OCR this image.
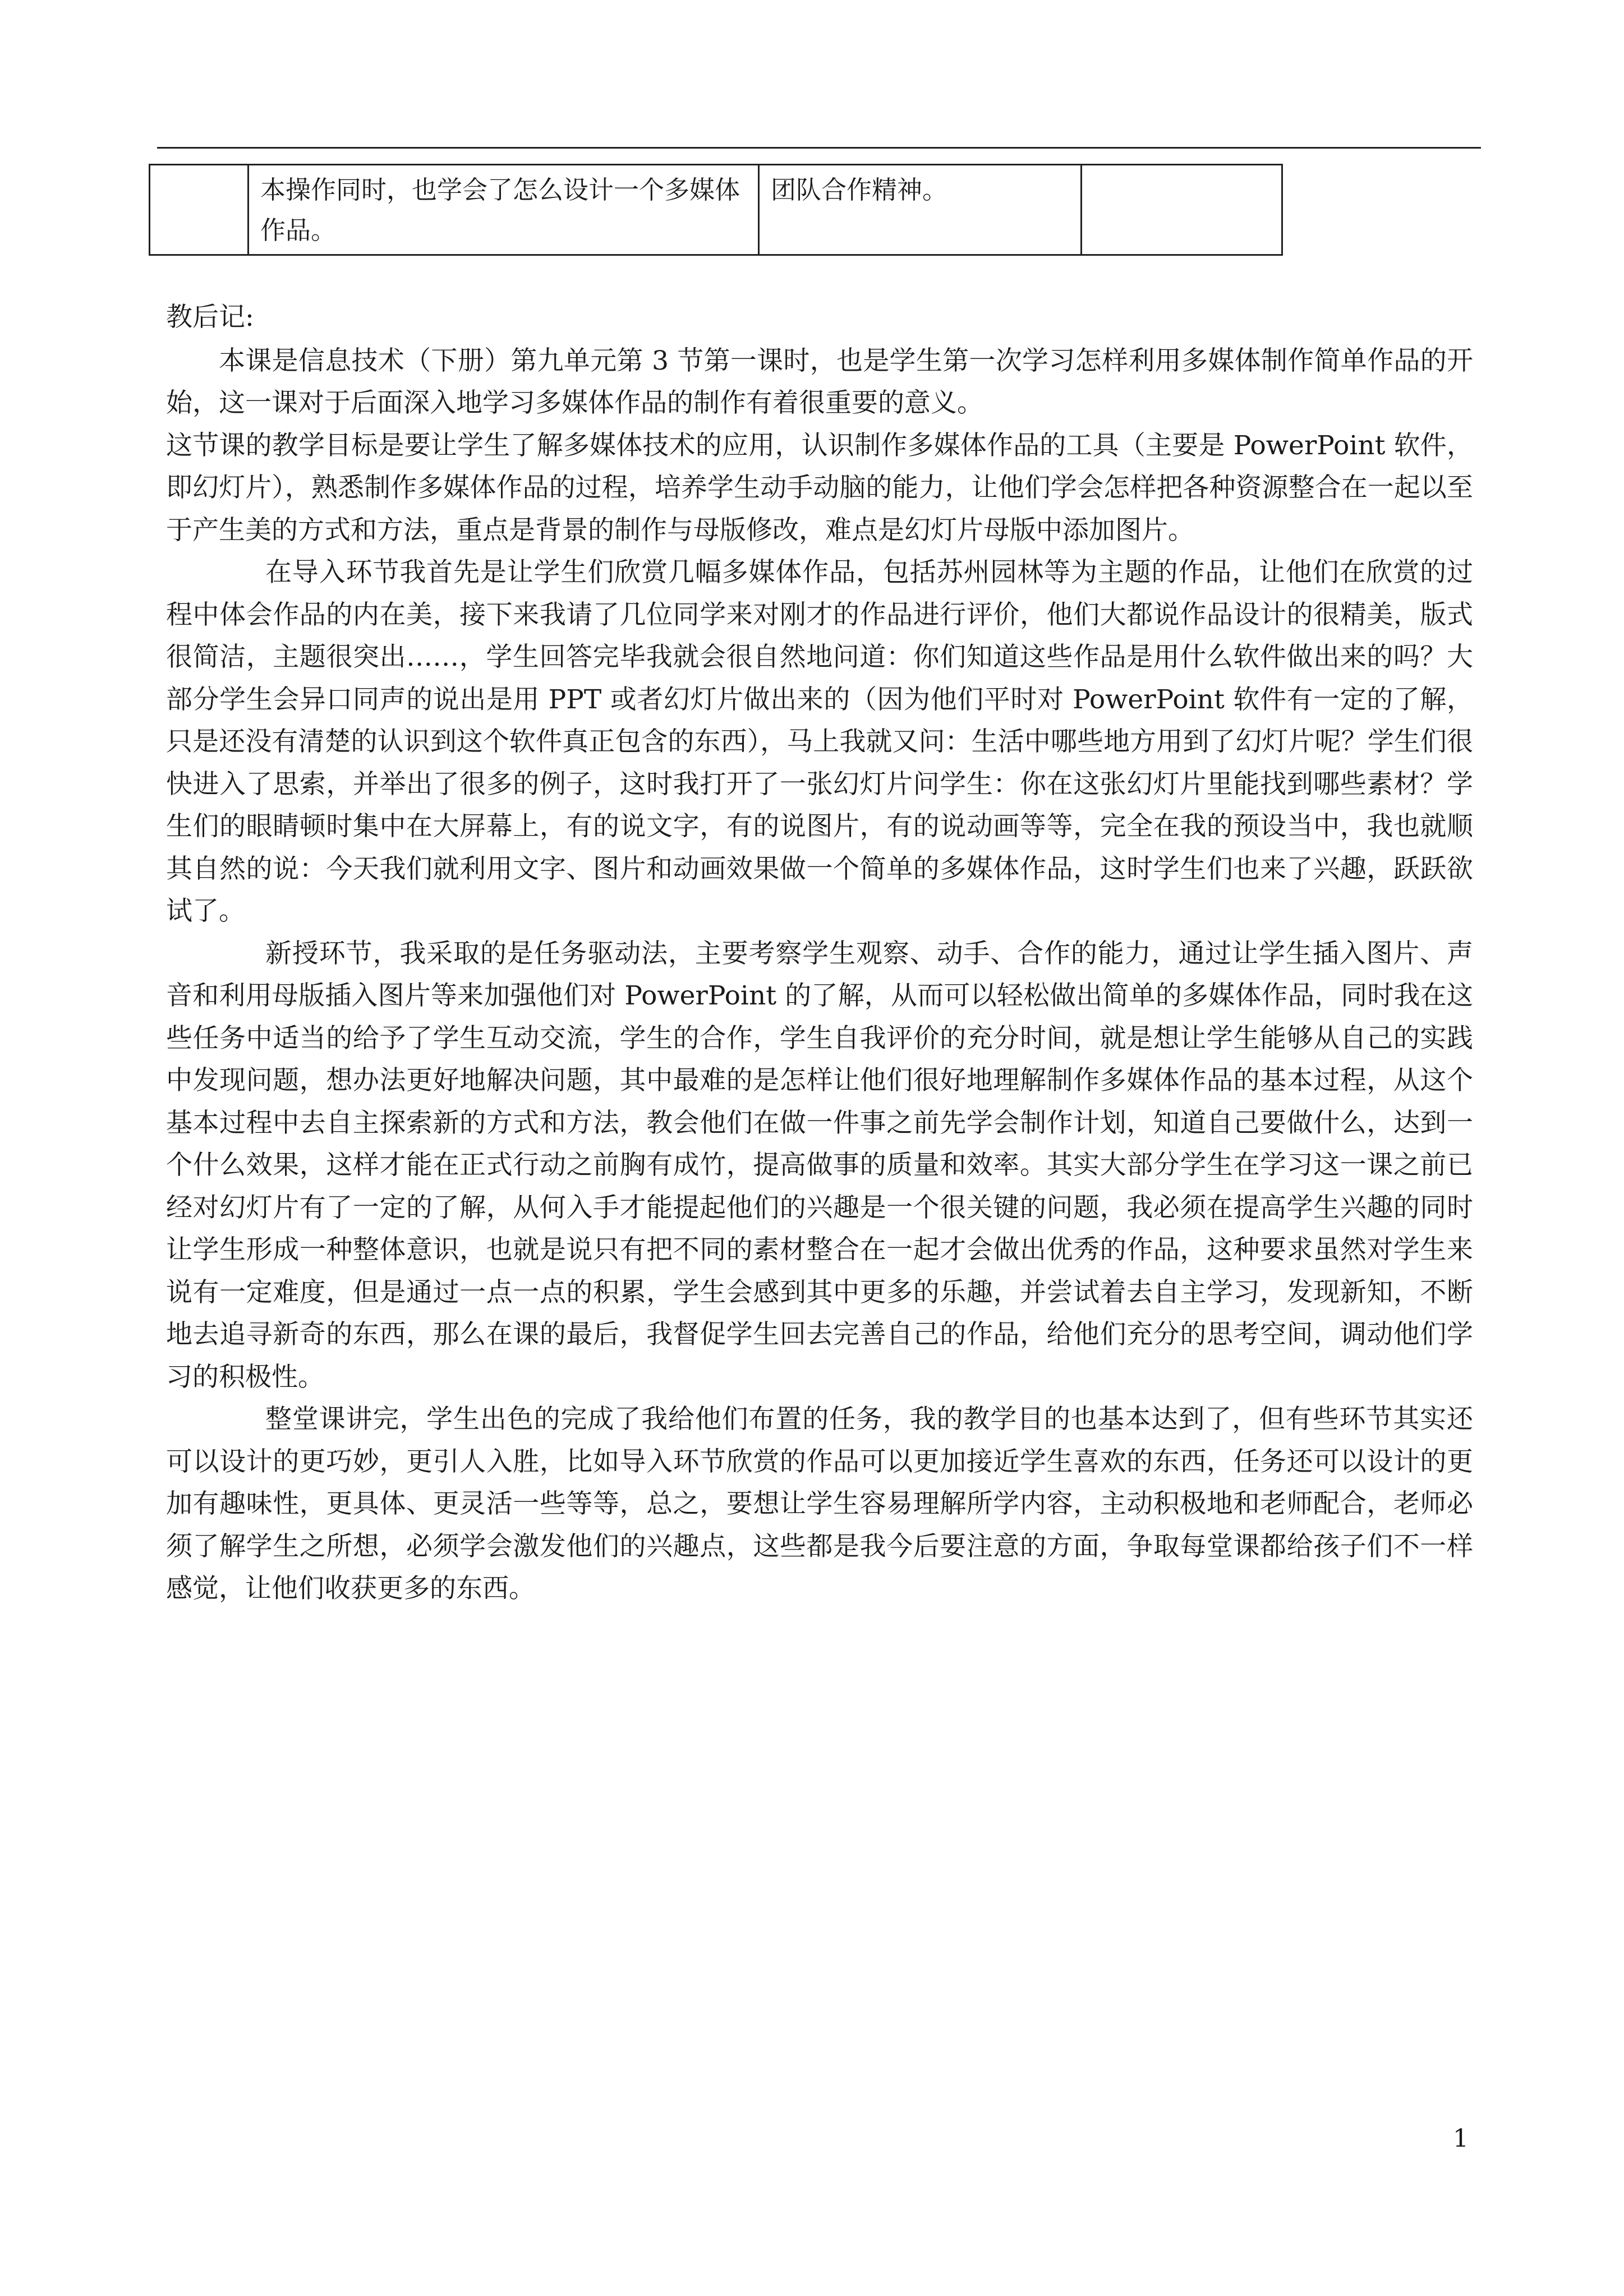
	本操作同时，也学会了怎么设计一个多媒体作品。	团队合作精神。	

教后记:

本课是信息技术（下册）第九单元第 3 节第一课时，也是学生第一次学习怎样利用多媒体制作简单作品的开始，这一课对于后面深入地学习多媒体作品的制作有着很重要的意义。

这节课的教学目标是要让学生了解多媒体技术的应用，认识制作多媒体作品的工具（主要是 PowerPoint 软件，即幻灯片），熟悉制作多媒体作品的过程，培养学生动手动脑的能力，让他们学会怎样把各种资源整合在一起以至于产生美的方式和方法，重点是背景的制作与母版修改，难点是幻灯片母版中添加图片。

在导入环节我首先是让学生们欣赏几幅多媒体作品，包括苏州园林等为主题的作品，让他们在欣赏的过程中体会作品的内在美，接下来我请了几位同学来对刚才的作品进行评价，他们大都说作品设计的很精美，版式很简洁，主题很突出……，学生回答完毕我就会很自然地问道：你们知道这些作品是用什么软件做出来的吗？大部分学生会异口同声的说出是用 PPT 或者幻灯片做出来的（因为他们平时对 PowerPoint 软件有一定的了解，只是还没有清楚的认识到这个软件真正包含的东西），马上我就又问：生活中哪些地方用到了幻灯片呢？学生们很快进入了思索，并举出了很多的例子，这时我打开了一张幻灯片问学生：你在这张幻灯片里能找到哪些素材？学生们的眼睛顿时集中在大屏幕上，有的说文字，有的说图片，有的说动画等等，完全在我的预设当中，我也就顺其自然的说：今天我们就利用文字、图片和动画效果做一个简单的多媒体作品，这时学生们也来了兴趣，跃跃欲试了。

新授环节，我采取的是任务驱动法，主要考察学生观察、动手、合作的能力，通过让学生插入图片、声音和利用母版插入图片等来加强他们对 PowerPoint 的了解，从而可以轻松做出简单的多媒体作品，同时我在这些任务中适当的给予了学生互动交流，学生的合作，学生自我评价的充分时间，就是想让学生能够从自己的实践中发现问题，想办法更好地解决问题，其中最难的是怎样让他们很好地理解制作多媒体作品的基本过程，从这个基本过程中去自主探索新的方式和方法，教会他们在做一件事之前先学会制作计划，知道自己要做什么，达到一个什么效果，这样才能在正式行动之前胸有成竹，提高做事的质量和效率。其实大部分学生在学习这一课之前已经对幻灯片有了一定的了解，从何入手才能提起他们的兴趣是一个很关键的问题，我必须在提高学生兴趣的同时让学生形成一种整体意识，也就是说只有把不同的素材整合在一起才会做出优秀的作品，这种要求虽然对学生来说有一定难度，但是通过一点一点的积累，学生会感到其中更多的乐趣，并尝试着去自主学习，发现新知，不断地去追寻新奇的东西，那么在课的最后，我督促学生回去完善自己的作品，给他们充分的思考空间，调动他们学习的积极性。

整堂课讲完，学生出色的完成了我给他们布置的任务，我的教学目的也基本达到了，但有些环节其实还可以设计的更巧妙，更引人入胜，比如导入环节欣赏的作品可以更加接近学生喜欢的东西，任务还可以设计的更加有趣味性，更具体、更灵活一些等等，总之，要想让学生容易理解所学内容，主动积极地和老师配合，老师必须了解学生之所想，必须学会激发他们的兴趣点，这些都是我今后要注意的方面，争取每堂课都给孩子们不一样感觉，让他们收获更多的东西。

1
